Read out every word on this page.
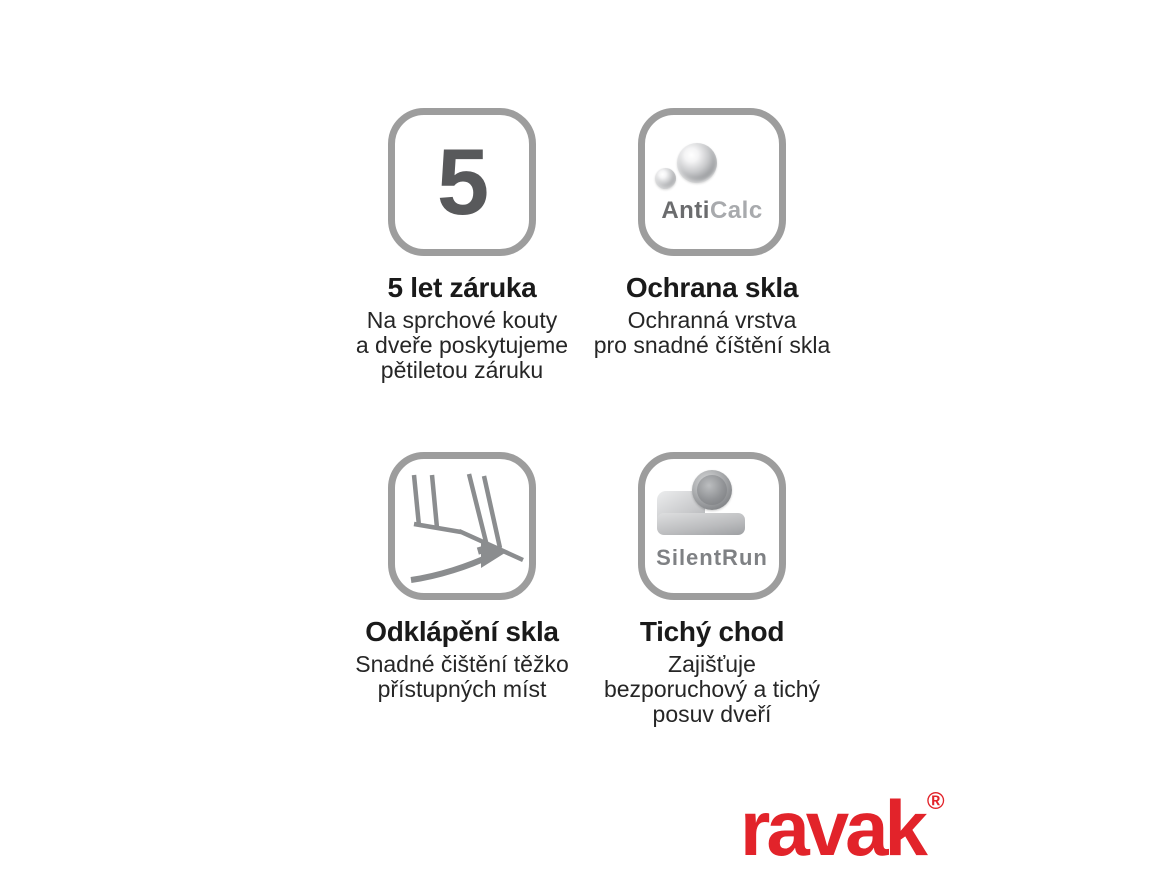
5
5 let záruka
Na sprchové kouty
a dveře poskytujeme
pětiletou záruku
AntiCalc
Ochrana skla
Ochranná vrstva
pro snadné číštění skla
Odklápění skla
Snadné čištění těžko
přístupných míst
SilentRun
Tichý chod
Zajišťuje
bezporuchový a tichý
posuv dveří
ravak ®
